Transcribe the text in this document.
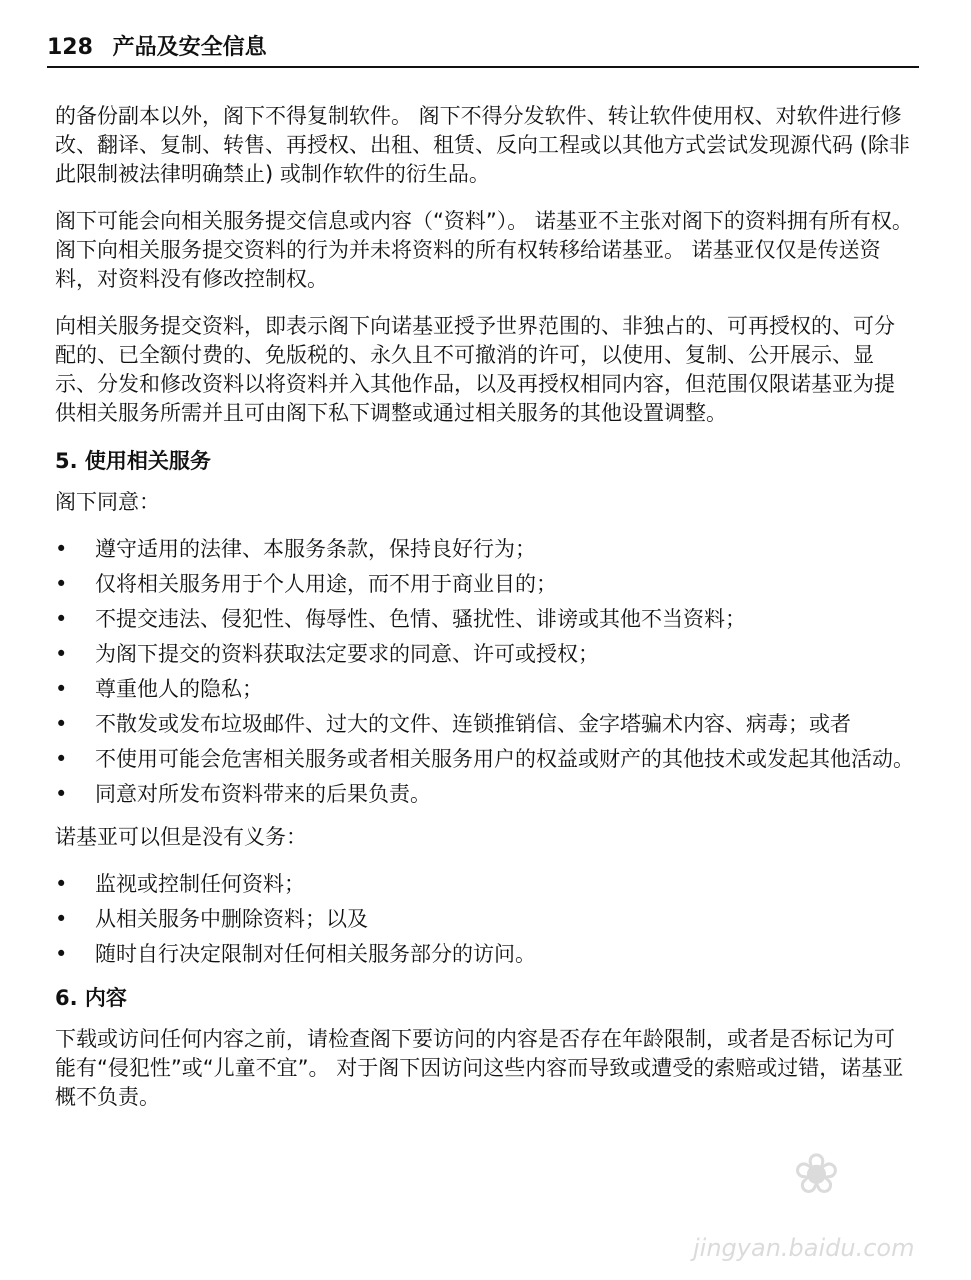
128 产品及安全信息

的备份副本以外，阁下不得复制软件。 阁下不得分发软件、转让软件使用权、对软件进行修改、翻译、复制、转售、再授权、出租、租赁、反向工程或以其他方式尝试发现源代码 (除非此限制被法律明确禁止) 或制作软件的衍生品。

阁下可能会向相关服务提交信息或内容（“资料”）。 诺基亚不主张对阁下的资料拥有所有权。 阁下向相关服务提交资料的行为并未将资料的所有权转移给诺基亚。 诺基亚仅仅是传送资料，对资料没有修改控制权。

向相关服务提交资料，即表示阁下向诺基亚授予世界范围的、非独占的、可再授权的、可分配的、已全额付费的、免版税的、永久且不可撤消的许可，以使用、复制、公开展示、显示、分发和修改资料以将资料并入其他作品，以及再授权相同内容，但范围仅限诺基亚为提供相关服务所需并且可由阁下私下调整或通过相关服务的其他设置调整。

5. 使用相关服务

阁下同意：

•	遵守适用的法律、本服务条款，保持良好行为；
•	仅将相关服务用于个人用途，而不用于商业目的；
•	不提交违法、侵犯性、侮辱性、色情、骚扰性、诽谤或其他不当资料；
•	为阁下提交的资料获取法定要求的同意、许可或授权；
•	尊重他人的隐私；
•	不散发或发布垃圾邮件、过大的文件、连锁推销信、金字塔骗术内容、病毒；或者
•	不使用可能会危害相关服务或者相关服务用户的权益或财产的其他技术或发起其他活动。
•	同意对所发布资料带来的后果负责。

诺基亚可以但是没有义务：

•	监视或控制任何资料；
•	从相关服务中删除资料；以及
•	随时自行决定限制对任何相关服务部分的访问。
6. 内容

下载或访问任何内容之前，请检查阁下要访问的内容是否存在年龄限制，或者是否标记为可能有“侵犯性”或“儿童不宜”。 对于阁下因访问这些内容而导致或遭受的索赔或过错，诺基亚概不负责。

❀
jingyan.baidu.com
